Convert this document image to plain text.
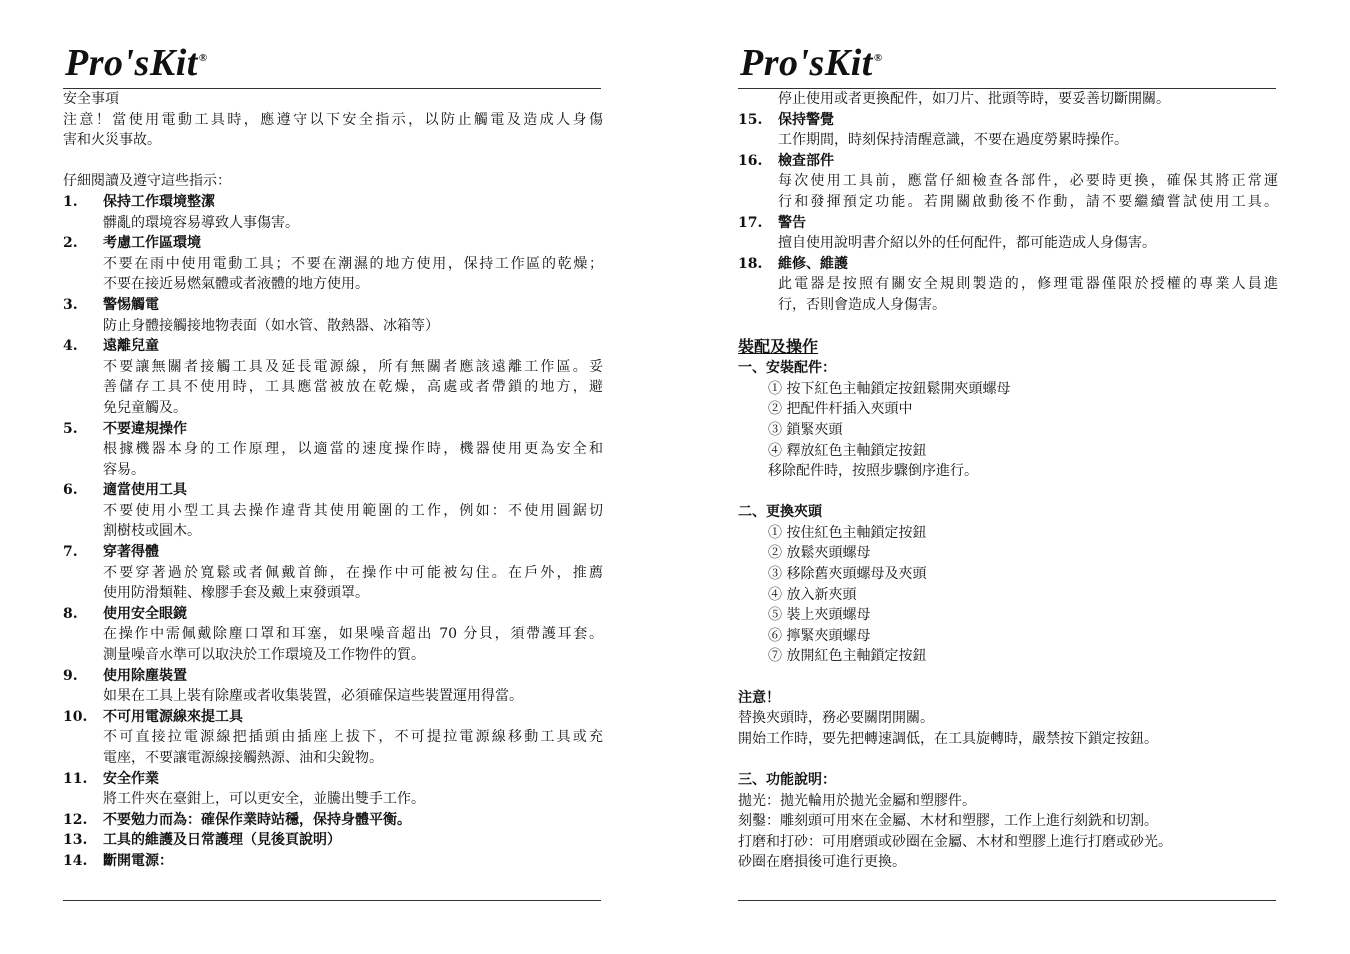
Pro'sKit®
安全事項
注意！當使用電動工具時，應遵守以下安全指示，以防止觸電及造成人身傷
害和火災事故。
仔細閱讀及遵守這些指示：
1. 保持工作環境整潔
髒亂的環境容易導致人事傷害。
2. 考慮工作區環境
不要在雨中使用電動工具；不要在潮濕的地方使用，保持工作區的乾燥；
不要在接近易燃氣體或者液體的地方使用。
3. 警惕觸電
防止身體接觸接地物表面（如水管、散熱器、冰箱等）
4. 遠離兒童
不要讓無關者接觸工具及延長電源線，所有無關者應該遠離工作區。妥
善儲存工具不使用時，工具應當被放在乾燥，高處或者帶鎖的地方，避
免兒童觸及。
5. 不要違規操作
根據機器本身的工作原理，以適當的速度操作時，機器使用更為安全和
容易。
6. 適當使用工具
不要使用小型工具去操作違背其使用範圍的工作，例如：不使用圓鋸切
割樹枝或圓木。
7. 穿著得體
不要穿著過於寬鬆或者佩戴首飾，在操作中可能被勾住。在戶外，推薦
使用防滑類鞋、橡膠手套及戴上束發頭罩。
8. 使用安全眼鏡
在操作中需佩戴除塵口罩和耳塞，如果噪音超出 70 分貝，須帶護耳套。
測量噪音水準可以取決於工作環境及工作物件的質。
9. 使用除塵裝置
如果在工具上裝有除塵或者收集裝置，必須確保這些裝置運用得當。
10. 不可用電源線來提工具
不可直接拉電源線把插頭由插座上拔下，不可提拉電源線移動工具或充
電座，不要讓電源線接觸熱源、油和尖銳物。
11. 安全作業
將工件夾在臺鉗上，可以更安全，並騰出雙手工作。
12. 不要勉力而為：確保作業時站穩，保持身體平衡。
13. 工具的維護及日常護理（見後頁說明）
14. 斷開電源：
Pro'sKit®
停止使用或者更換配件，如刀片、批頭等時，要妥善切斷開關。
15. 保持警覺
工作期間，時刻保持清醒意識，不要在過度勞累時操作。
16. 檢查部件
每次使用工具前，應當仔細檢查各部件，必要時更換，確保其將正常運
行和發揮預定功能。若開關啟動後不作動，請不要繼續嘗試使用工具。
17. 警告
擅自使用說明書介紹以外的任何配件，都可能造成人身傷害。
18. 維修、維護
此電器是按照有關安全規則製造的，修理電器僅限於授權的專業人員進
行，否則會造成人身傷害。
裝配及操作
一、安裝配件：
① 按下紅色主軸鎖定按鈕鬆開夾頭螺母
② 把配件杆插入夾頭中
③ 鎖緊夾頭
④ 釋放紅色主軸鎖定按鈕
移除配件時，按照步驟倒序進行。
二、更換夾頭
① 按住紅色主軸鎖定按鈕
② 放鬆夾頭螺母
③ 移除舊夾頭螺母及夾頭
④ 放入新夾頭
⑤ 裝上夾頭螺母
⑥ 擰緊夾頭螺母
⑦ 放開紅色主軸鎖定按鈕
注意！
替換夾頭時，務必要關閉開關。
開始工作時，要先把轉速調低，在工具旋轉時，嚴禁按下鎖定按鈕。
三、功能說明：
拋光：拋光輪用於拋光金屬和塑膠件。
刻鑿：雕刻頭可用來在金屬、木材和塑膠，工作上進行刻銑和切割。
打磨和打砂：可用磨頭或砂圈在金屬、木材和塑膠上進行打磨或砂光。
砂圈在磨損後可進行更換。
